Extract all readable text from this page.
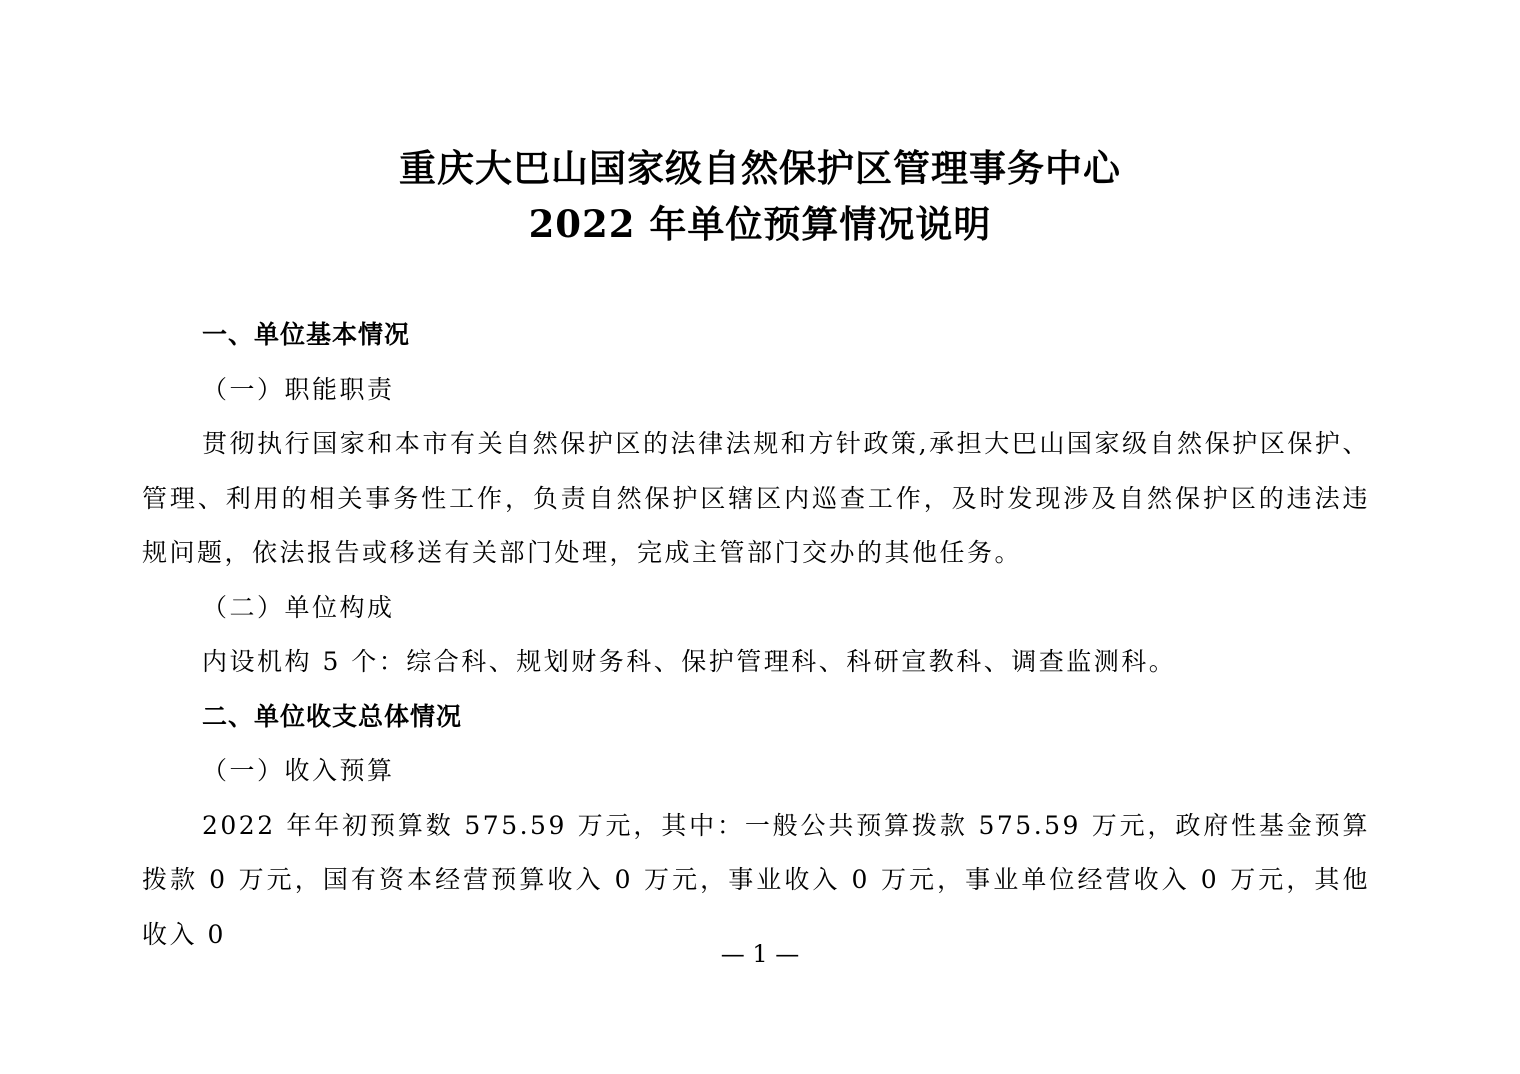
重庆大巴山国家级自然保护区管理事务中心
2022 年单位预算情况说明
一、单位基本情况
（一）职能职责

贯彻执行国家和本市有关自然保护区的法律法规和方针政策,承担大巴山国家级自然保护区保护、管理、利用的相关事务性工作，负责自然保护区辖区内巡查工作，及时发现涉及自然保护区的违法违规问题，依法报告或移送有关部门处理，完成主管部门交办的其他任务。

（二）单位构成
内设机构 5 个：综合科、规划财务科、保护管理科、科研宣教科、调查监测科。
二、单位收支总体情况
（一）收入预算

2022 年年初预算数 575.59 万元，其中：一般公共预算拨款 575.59 万元，政府性基金预算拨款 0 万元，国有资本经营预算收入 0 万元，事业收入 0 万元，事业单位经营收入 0 万元，其他收入 0

— 1 —
